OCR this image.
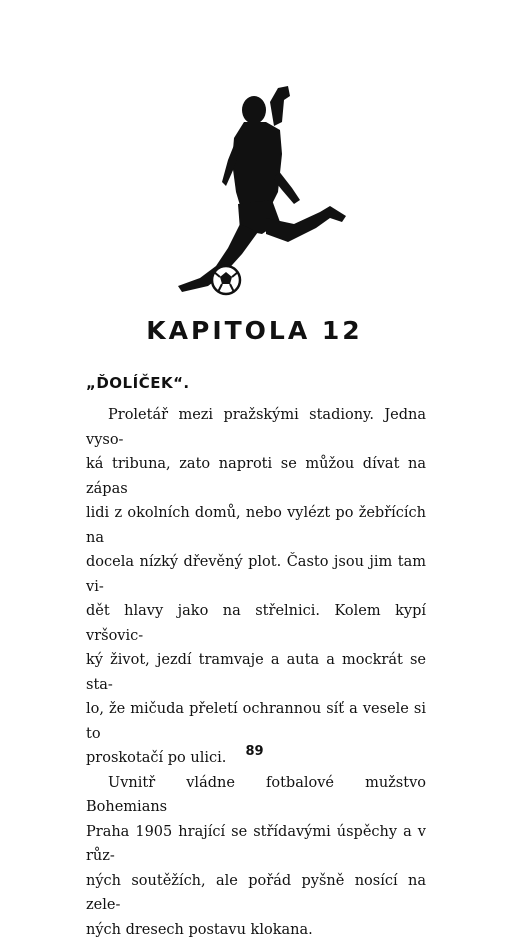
KAPITOLA 12
„ĎOLÍČEK“.
Proletář mezi pražskými stadiony. Jedna vyso-
ká tribuna, zato naproti se můžou dívat na zápas
lidi z okolních domů, nebo vylézt po žebřících na
docela nízký dřevěný plot. Často jsou jim tam vi-
dět hlavy jako na střelnici. Kolem kypí vršovic-
ký život, jezdí tramvaje a auta a mockrát se sta-
lo, že mičuda přeletí ochrannou síť a vesele si to
proskotačí po ulici.
Uvnitř vládne fotbalové mužstvo Bohemians
Praha 1905 hrající se střídavými úspěchy a v růz-
ných soutěžích, ale pořád pyšně nosící na zele-
ných dresech postavu klokana.
89
